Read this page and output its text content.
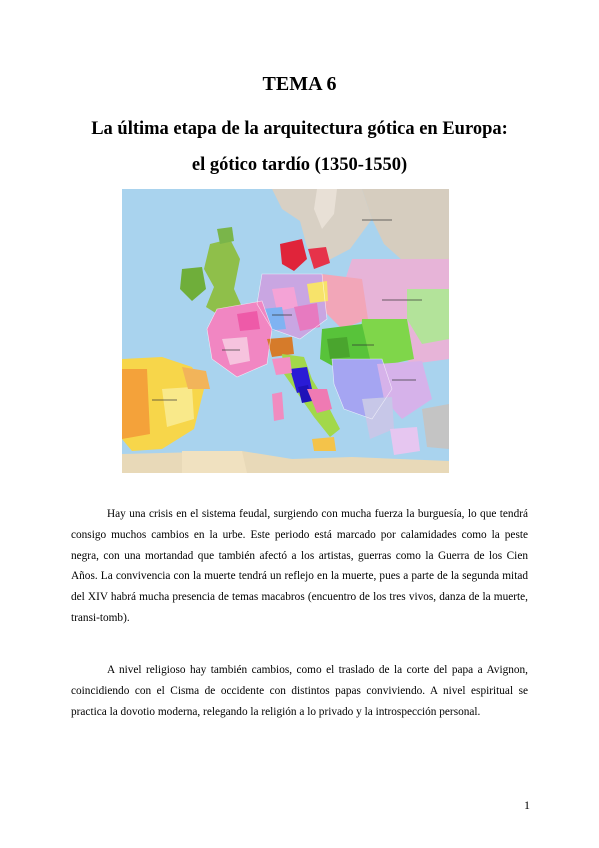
TEMA 6
La última etapa de la arquitectura gótica en Europa:
el gótico tardío (1350-1550)

Hay una crisis en el sistema feudal, surgiendo con mucha fuerza la burguesía, lo que tendrá consigo muchos cambios en la urbe. Este periodo está marcado por calamidades como la peste negra, con una mortandad que también afectó a los artistas, guerras como la Guerra de los Cien Años. La convivencia con la muerte tendrá un reflejo en la muerte, pues a parte de la segunda mitad del XIV habrá mucha presencia de temas macabros (encuentro de los tres vivos, danza de la muerte, transi-tomb).

A nivel religioso hay también cambios, como el traslado de la corte del papa a Avignon, coincidiendo con el Cisma de occidente con distintos papas conviviendo. A nivel espiritual se practica la dovotio moderna, relegando la religión a lo privado y la introspección personal.

1
